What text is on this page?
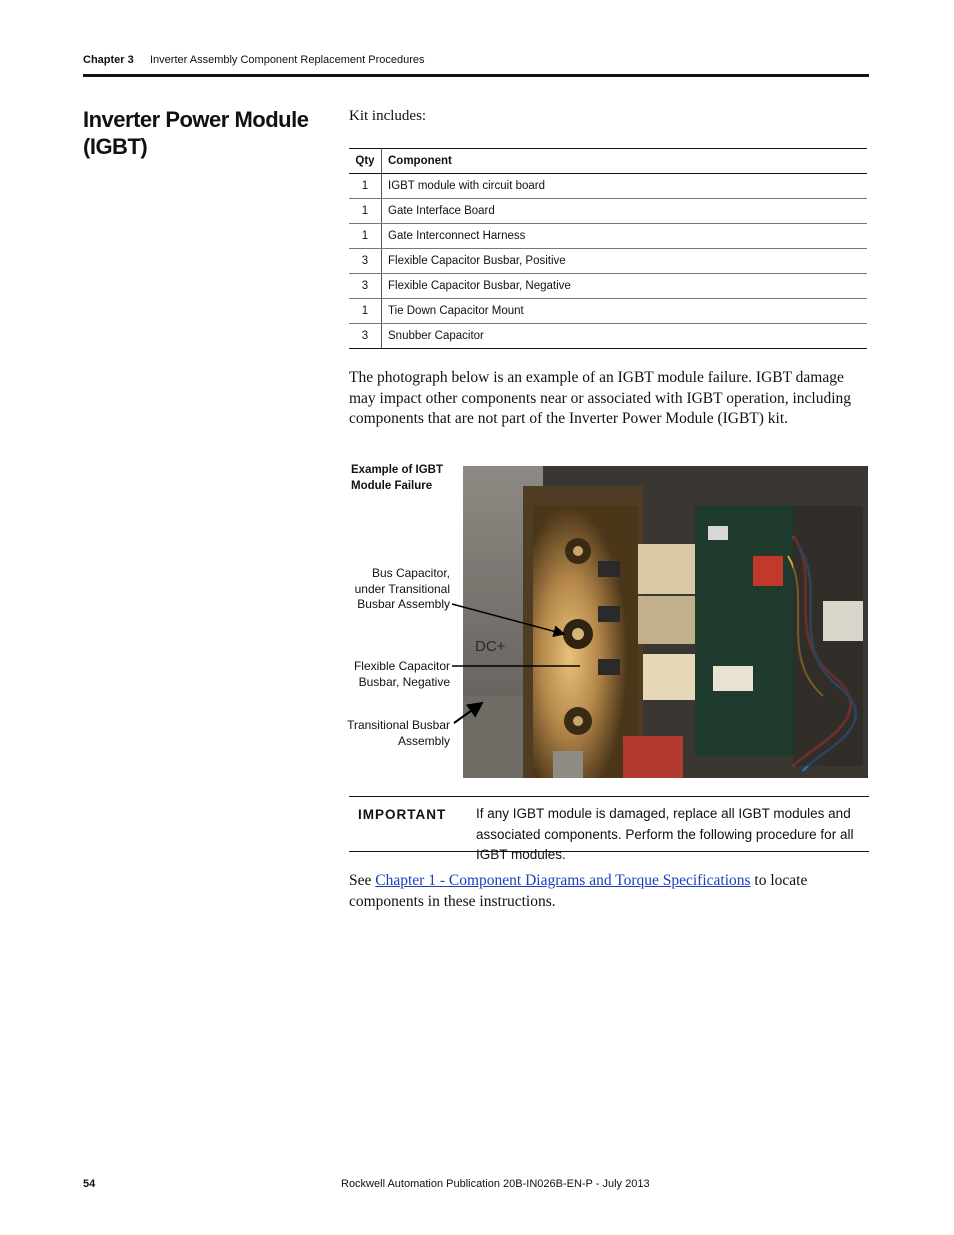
Chapter 3 Inverter Assembly Component Replacement Procedures
Inverter Power Module (IGBT)
Kit includes:
Qty	Component
1	IGBT module with circuit board
1	Gate Interface Board
1	Gate Interconnect Harness
3	Flexible Capacitor Busbar, Positive
3	Flexible Capacitor Busbar, Negative
1	Tie Down Capacitor Mount
3	Snubber Capacitor

The photograph below is an example of an IGBT module failure. IGBT damage may impact other components near or associated with IGBT operation, including components that are not part of the Inverter Power Module (IGBT) kit.

Example of IGBT Module Failure
DC+
Bus Capacitor, under Transitional Busbar Assembly
Flexible Capacitor Busbar, Negative
Transitional Busbar Assembly
IMPORTANT If any IGBT module is damaged, replace all IGBT modules and associated components. Perform the following procedure for all IGBT modules.

See Chapter 1 - Component Diagrams and Torque Specifications to locate components in these instructions.

54	Rockwell Automation Publication 20B-IN026B-EN-P - July 2013
